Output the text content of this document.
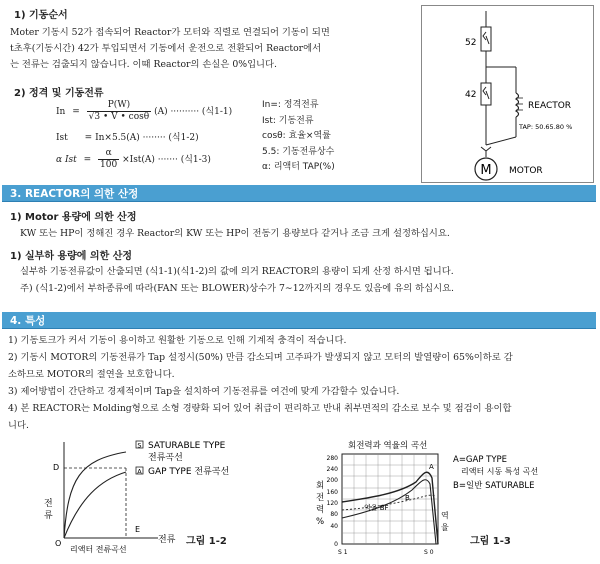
1) 기동순서
Moter 기동시 52가 접속되어 Reactor가 모터와 직렬로 연결되어 기동이 되면
t초후(기동시간) 42가 투입되면서 기동에서 운전으로 전환되어 Reactor에서
는 전류는 검출되지 않습니다. 이때 Reactor의 손실은 0%입니다.
2) 정격 및 기동전류
$In = \frac{P(W)}{√3 • V • \cos\theta} (A)$ ·········· (식1-1)
Ist = In×5.5(A) ········ (식1-2)
α Ist = $\frac{\alpha}{100} \times Ist(A)$ ······· (식1-3)
In=: 정격전류
Ist: 기동전류
cosθ: 효율×역률
5.5: 기동전류상수
α: 리액터 TAP(%)
52
42
REACTOR
TAP: 50.65.80 %
M MOTOR
3. REACTOR의 의한 산정
1) Motor 용량에 의한 산정
KW 또는 HP이 정해진 경우 Reactor의 KW 또는 HP이 전동기 용량보다 같거나 조금 크게 설정하십시요.
1) 실부하 용량에 의한 산정
실부하 기동전류값이 산출되면 (식1-1)(식1-2)의 값에 의거 REACTOR의 용량이 되게 산정 하시면 됩니다.
주) (식1-2)에서 부하종류에 따라(FAN 또는 BLOWER)상수가 7∼12까지의 경우도 있음에 유의 하십시요.
4. 특성
1) 기동토크가 커서 기동이 용이하고 원활한 기동으로 인해 기계적 충격이 적습니다.
2) 기동시 MOTOR의 기동전류가 Tap 설정시(50%) 만큼 감소되며 고주파가 발생되지 않고 모터의 발열량이 65%이하로 감
소하므로 MOTOR의 절연을 보호합니다.
3) 제어방법이 간단하고 경제적이며 Tap을 설치하여 기동전류를 여건에 맞게 가감할수 있습니다.
4) 본 REACTOR는 Molding형으로 소형 경량화 되어 있어 취급이 편리하고 반내 취부면적의 감소로 보수 및 점검이 용이합
니다.
S SATURABLE TYPE
전류곡선
A GAP TYPE 전류곡선
D
E
O
전
류
전류
리액터 전류곡선
그림 1-2
회전력과 역율의 곡선
280
240
200
160
120
80
40
0
회
전
력
%
역율 BF
A
B
역
율
S 1	S 0
A=GAP TYPE
리액터 시동 특성 곡선
B=일반 SATURABLE
그림 1-3
